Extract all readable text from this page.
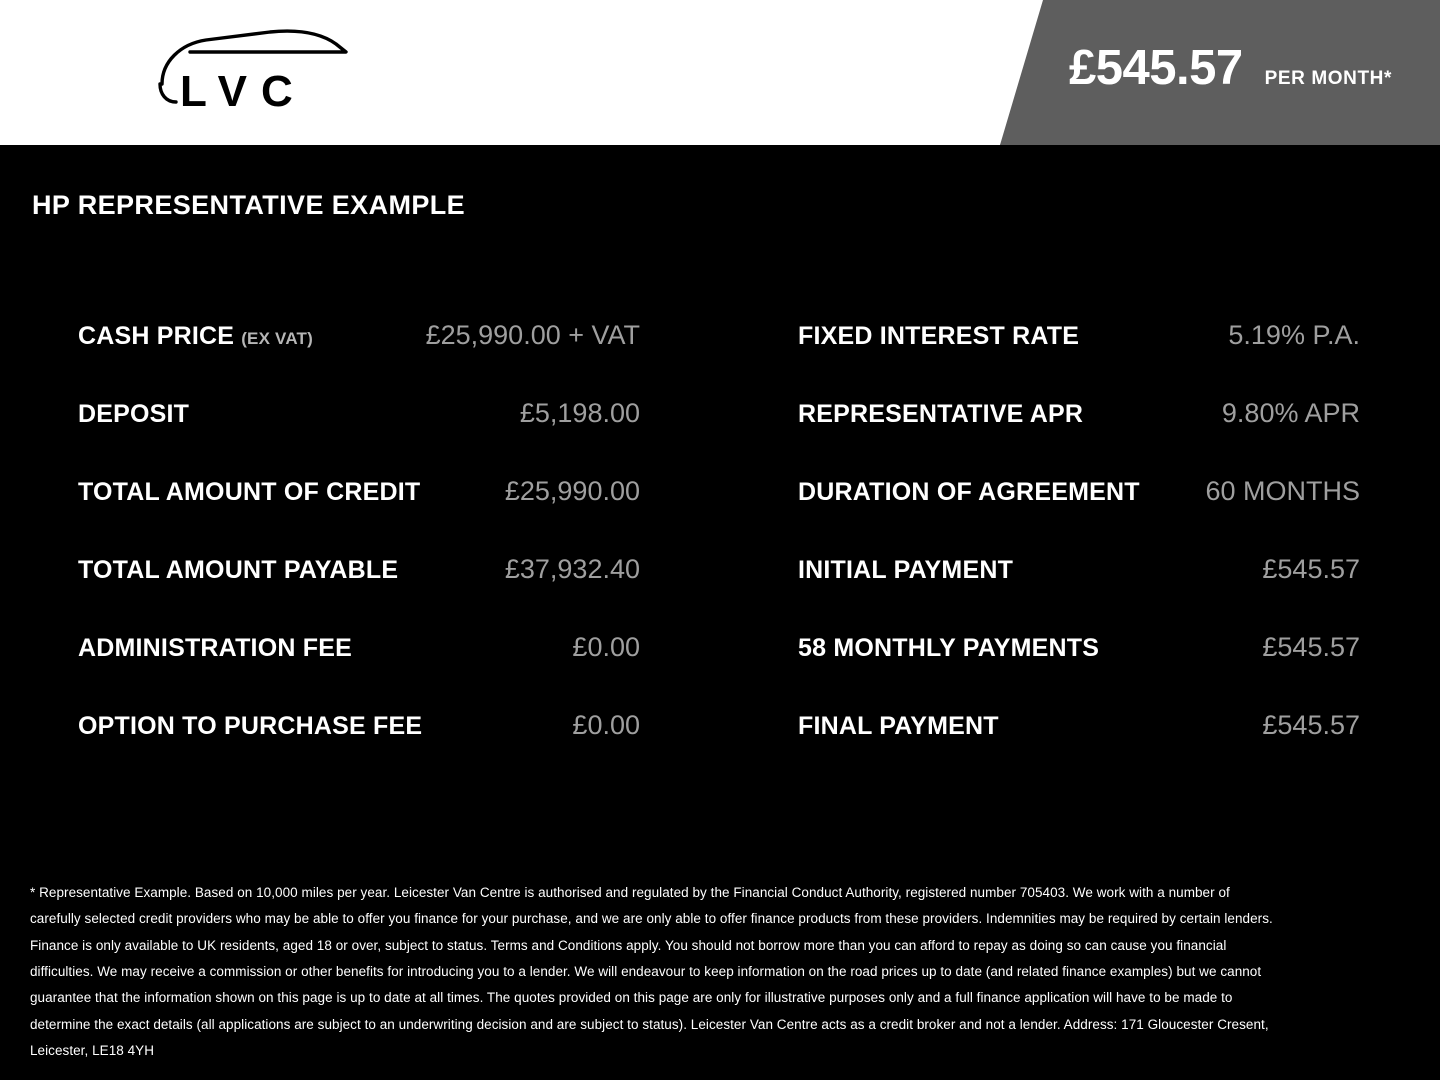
LVC	£545.57 PER MONTH*
HP REPRESENTATIVE EXAMPLE
CASH PRICE (EX VAT)	£25,990.00 + VAT
DEPOSIT	£5,198.00
TOTAL AMOUNT OF CREDIT	£25,990.00
TOTAL AMOUNT PAYABLE	£37,932.40
ADMINISTRATION FEE	£0.00
OPTION TO PURCHASE FEE	£0.00
FIXED INTEREST RATE	5.19% P.A.
REPRESENTATIVE APR	9.80% APR
DURATION OF AGREEMENT 60 MONTHS
INITIAL PAYMENT	£545.57
58 MONTHLY PAYMENTS	£545.57
FINAL PAYMENT	£545.57
* Representative Example. Based on 10,000 miles per year. Leicester Van Centre is authorised and regulated by the Financial Conduct Authority, registered number 705403. We work with a number of carefully selected credit providers who may be able to offer you finance for your purchase, and we are only able to offer finance products from these providers. Indemnities may be required by certain lenders. Finance is only available to UK residents, aged 18 or over, subject to status. Terms and Conditions apply. You should not borrow more than you can afford to repay as doing so can cause you financial difficulties. We may receive a commission or other benefits for introducing you to a lender. We will endeavour to keep information on the road prices up to date (and related finance examples) but we cannot guarantee that the information shown on this page is up to date at all times. The quotes provided on this page are only for illustrative purposes only and a full finance application will have to be made to determine the exact details (all applications are subject to an underwriting decision and are subject to status). Leicester Van Centre acts as a credit broker and not a lender. Address: 171 Gloucester Cresent, Leicester, LE18 4YH
